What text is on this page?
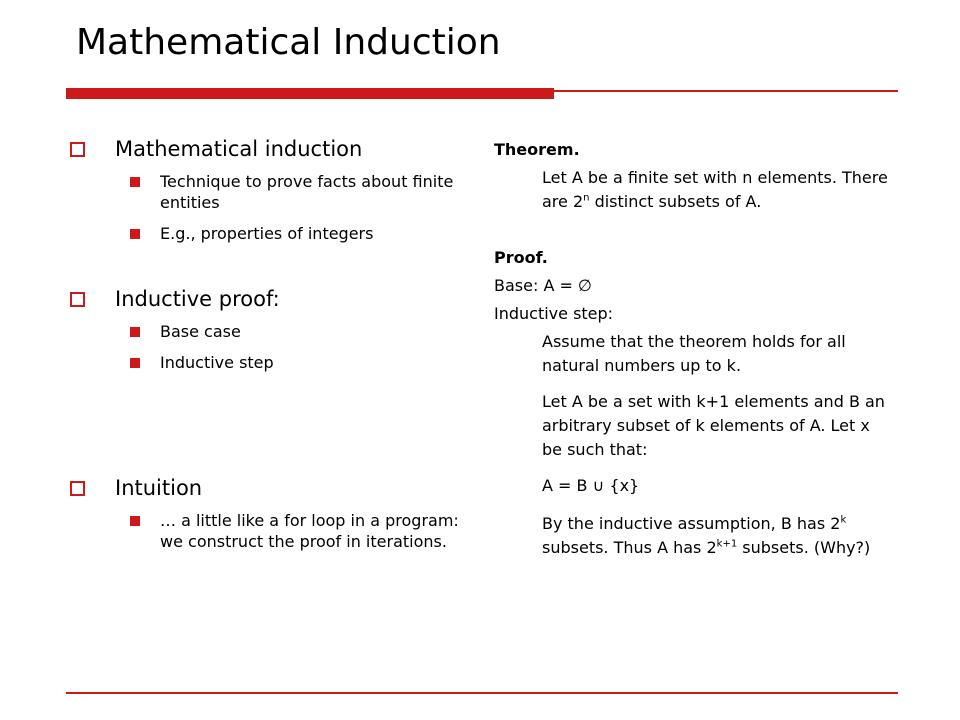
Mathematical Induction
Mathematical induction
Technique to prove facts about finite entities
E.g., properties of integers
Inductive proof:
Base case
Inductive step
Intuition
… a little like a for loop in a program: we construct the proof in iterations.

Theorem.

Let A be a finite set with n elements. There are 2$^n$ distinct subsets of A.

Proof.

Base: A = ∅

Inductive step:

Assume that the theorem holds for all natural numbers up to k.

Let A be a set with k+1 elements and B an arbitrary subset of k elements of A. Let x be such that:

A = B ∪ {x}

By the inductive assumption, B has 2$^k$ subsets. Thus A has $2^{k+1}$ subsets. (Why?)
